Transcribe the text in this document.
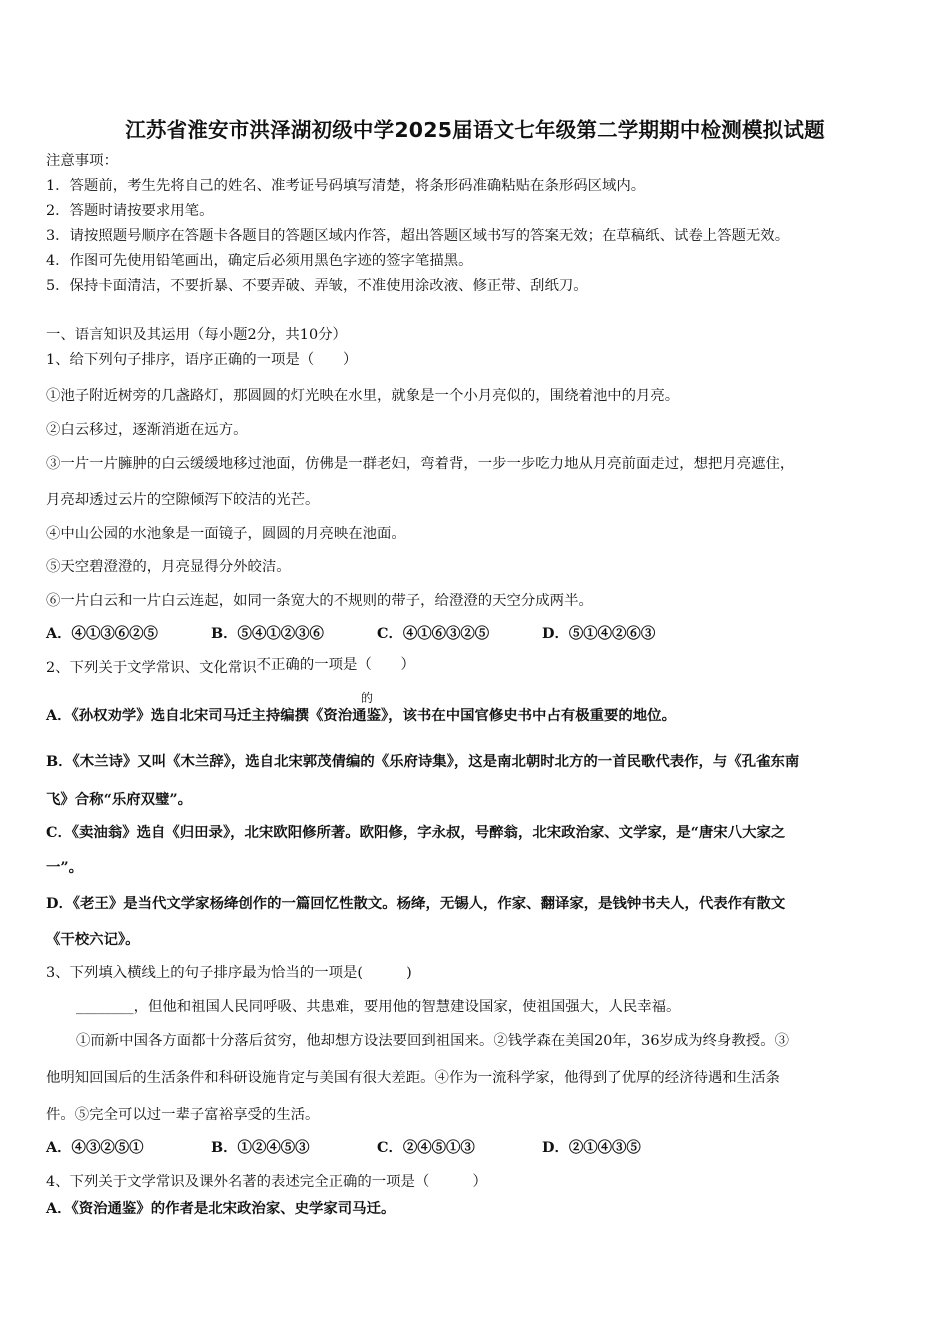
江苏省淮安市洪泽湖初级中学2025届语文七年级第二学期期中检测模拟试题
注意事项：
1．答题前，考生先将自己的姓名、准考证号码填写清楚，将条形码准确粘贴在条形码区域内。
2．答题时请按要求用笔。
3．请按照题号顺序在答题卡各题目的答题区域内作答，超出答题区域书写的答案无效；在草稿纸、试卷上答题无效。
4．作图可先使用铅笔画出，确定后必须用黑色字迹的签字笔描黑。
5．保持卡面清洁，不要折暴、不要弄破、弄皱，不准使用涂改液、修正带、刮纸刀。
一、语言知识及其运用（每小题2分，共10分）
1、给下列句子排序，语序正确的一项是（　　）
①池子附近树旁的几盏路灯，那圆圆的灯光映在水里，就象是一个小月亮似的，围绕着池中的月亮。
②白云移过，逐渐消逝在远方。
③一片一片臃肿的白云缓缓地移过池面，仿佛是一群老妇，弯着背，一步一步吃力地从月亮前面走过，想把月亮遮住，
月亮却透过云片的空隙倾泻下皎洁的光芒。
④中山公园的水池象是一面镜子，圆圆的月亮映在池面。
⑤天空碧澄澄的，月亮显得分外皎洁。
⑥一片白云和一片白云连起，如同一条宽大的不规则的带子，给澄澄的天空分成两半。
A．④①③⑥②⑤	B．⑤④①②③⑥	C．④①⑥③②⑤	D．⑤①④②⑥③
2、下列关于文学常识、文化常识不正确的一项是（　　）
A．《孙权劝学》选自北宋司马迁主持编撰《资治通鉴》，该书在中国官修史书中占有极重要的地位。
的
B．《木兰诗》又叫《木兰辞》，选自北宋郭茂倩编的《乐府诗集》，这是南北朝时北方的一首民歌代表作，与《孔雀东南
飞》合称“乐府双璧”。
C．《卖油翁》选自《归田录》，北宋欧阳修所著。欧阳修，字永叔，号醉翁，北宋政治家、文学家，是“唐宋八大家之
一”。
D．《老王》是当代文学家杨绛创作的一篇回忆性散文。杨绛，无锡人，作家、翻译家，是钱钟书夫人，代表作有散文
《干校六记》。
3、下列填入横线上的句子排序最为恰当的一项是(　　　)
________，但他和祖国人民同呼吸、共患难，要用他的智慧建设国家，使祖国强大，人民幸福。
①而新中国各方面都十分落后贫穷，他却想方设法要回到祖国来。②钱学森在美国20年，36岁成为终身教授。③
他明知回国后的生活条件和科研设施肯定与美国有很大差距。④作为一流科学家，他得到了优厚的经济待遇和生活条
件。⑤完全可以过一辈子富裕享受的生活。
A．④③②⑤①	B．①②④⑤③	C．②④⑤①③	D．②①④③⑤
4、下列关于文学常识及课外名著的表述完全正确的一项是（　　　）
A．《资治通鉴》的作者是北宋政治家、史学家司马迁。
